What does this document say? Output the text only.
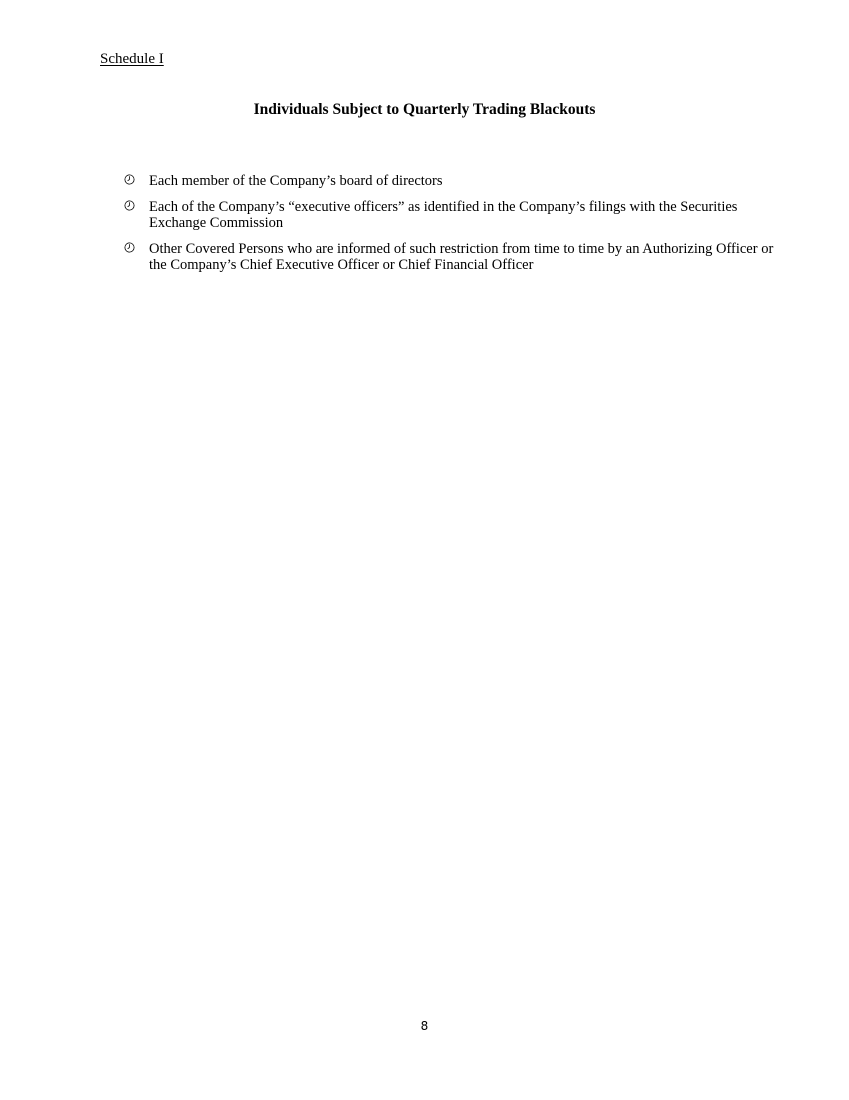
Schedule I
Individuals Subject to Quarterly Trading Blackouts
Each member of the Company’s board of directors
Each of the Company’s “executive officers” as identified in the Company’s filings with the Securities Exchange Commission
Other Covered Persons who are informed of such restriction from time to time by an Authorizing Officer or the Company’s Chief Executive Officer or Chief Financial Officer
8
